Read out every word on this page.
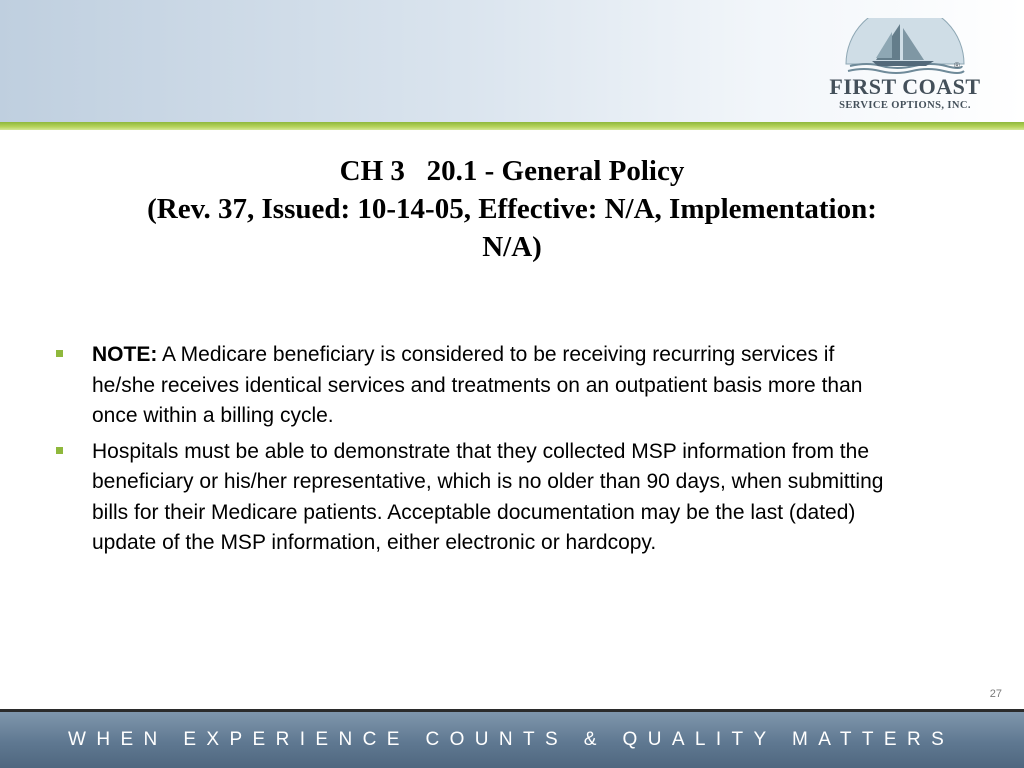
®
FIRST COAST
SERVICE OPTIONS, INC.
CH 3   20.1 - General Policy
(Rev. 37, Issued: 10-14-05, Effective: N/A, Implementation:
N/A)
NOTE: A Medicare beneficiary is considered to be receiving recurring services if he/she receives identical services and treatments on an outpatient basis more than once within a billing cycle.
Hospitals must be able to demonstrate that they collected MSP information from the beneficiary or his/her representative, which is no older than 90 days, when submitting bills for their Medicare patients. Acceptable documentation may be the last (dated) update of the MSP information, either electronic or hardcopy.
27
WHEN EXPERIENCE COUNTS & QUALITY MATTERS
